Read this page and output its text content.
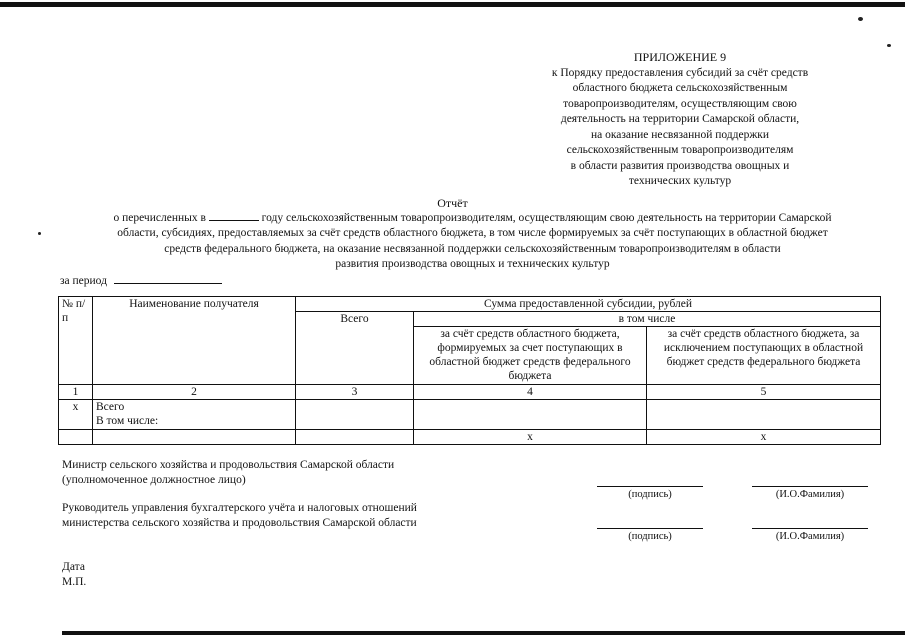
ПРИЛОЖЕНИЕ 9
к Порядку предоставления субсидий за счёт средств
областного бюджета сельскохозяйственным
товаропроизводителям, осуществляющим свою
деятельность на территории Самарской области,
на оказание несвязанной поддержки
сельскохозяйственным товаропроизводителям
в области развития производства овощных и
технических культур
Отчёт
о перечисленных в	году сельскохозяйственным товаропроизводителям, осуществляющим свою деятельность на территории Самарской
области, субсидиях, предоставляемых за счёт средств областного бюджета, в том числе формируемых за счёт поступающих в областной бюджет
средств федерального бюджета, на оказание несвязанной поддержки сельскохозяйственным товаропроизводителям в области
развития производства овощных и технических культур
за период
№ п/п	Наименование получателя	Сумма предоставленной субсидии, рублей		
		Всего	в том числе	
			за счёт средств областного бюджета, формируемых за счет поступающих в областной бюджет средств федерального бюджета	за счёт средств областного бюджета, за исключением поступающих в областной бюджет средств федерального бюджета
1	2	3	4	5
х	Всего
В том числе:			

			х	х
Министр сельского хозяйства и продовольствия Самарской области
(уполномоченное должностное лицо)
(подпись)	(И.О.Фамилия)
Руководитель управления бухгалтерского учёта и налоговых отношений
министерства сельского хозяйства и продовольствия Самарской области
(подпись)	(И.О.Фамилия)
Дата
М.П.
